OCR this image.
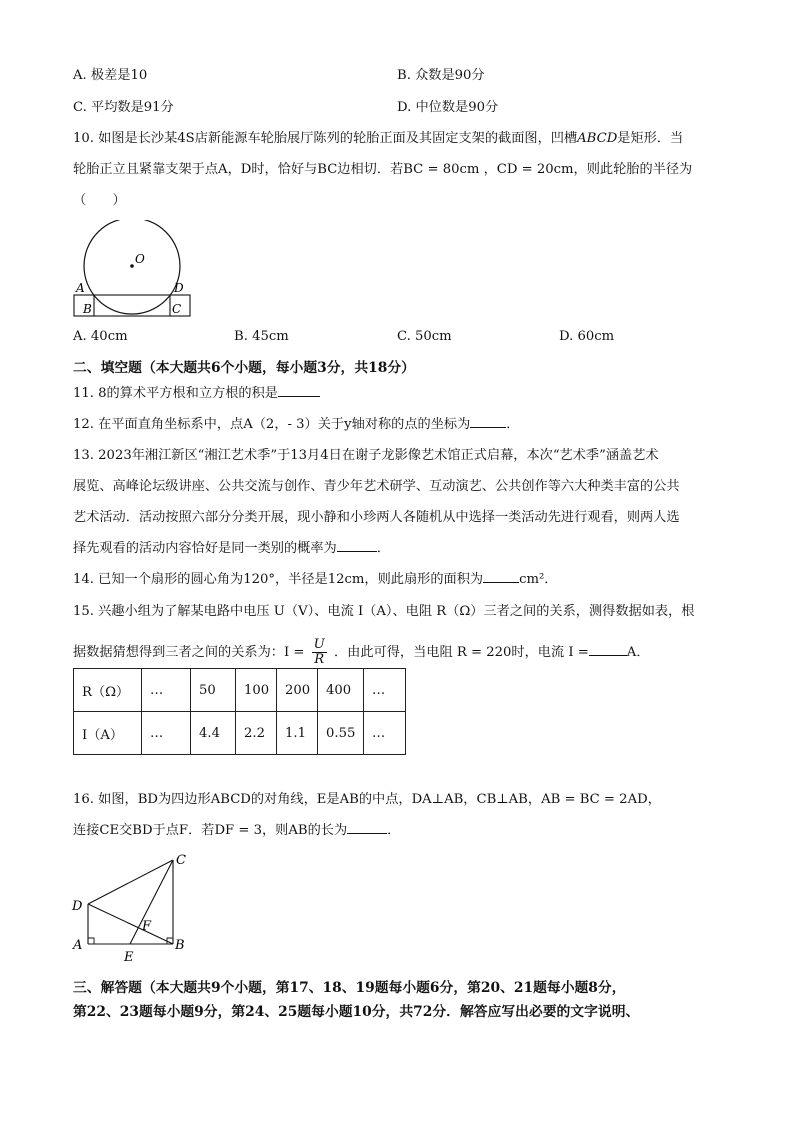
A. 极差是10	B. 众数是90分
C. 平均数是91分	D. 中位数是90分
10. 如图是长沙某4S店新能源车轮胎展厅陈列的轮胎正面及其固定支架的截面图，凹槽ABCD是矩形．当
轮胎正立且紧靠支架于点A，D时，恰好与BC边相切．若BC = 80cm ，CD = 20cm，则此轮胎的半径为
（　　）
O
A	D
B	C
A. 40cm	B. 45cm	C. 50cm	D. 60cm
二、填空题（本大题共6个小题，每小题3分，共18分）
11. 8的算术平方根和立方根的积是
12. 在平面直角坐标系中，点A（2，- 3）关于y轴对称的点的坐标为	．
13. 2023年湘江新区“湘江艺术季”于13月4日在谢子龙影像艺术馆正式启幕，本次“艺术季”涵盖艺术
展览、高峰论坛级讲座、公共交流与创作、青少年艺术研学、互动演艺、公共创作等六大种类丰富的公共
艺术活动．活动按照六部分分类开展，现小静和小珍两人各随机从中选择一类活动先进行观看，则两人选
择先观看的活动内容恰好是同一类别的概率为	．
14. 已知一个扇形的圆心角为120°，半径是12cm，则此扇形的面积为	cm²．
15. 兴趣小组为了解某电路中电压 U（V）、电流 I（A）、电阻 R（Ω）三者之间的关系，测得数据如表，根
据数据猜想得到三者之间的关系为：$I = \frac{U}{R}$ ．由此可得，当电阻 R = 220时，电流 I =	A．
R（Ω）	…	50	100	200	400	…
I（A）	…	4.4	2.2	1.1	0.55	…
16. 如图，BD为四边形ABCD的对角线，E是AB的中点，DA⊥AB，CB⊥AB，AB = BC = 2AD，
连接CE交BD于点F．若DF = 3，则AB的长为	．
C
D
F
A	B
E
三、解答题（本大题共9个小题，第17、18、19题每小题6分，第20、21题每小题8分，
第22、23题每小题9分，第24、25题每小题10分，共72分．解答应写出必要的文字说明、
